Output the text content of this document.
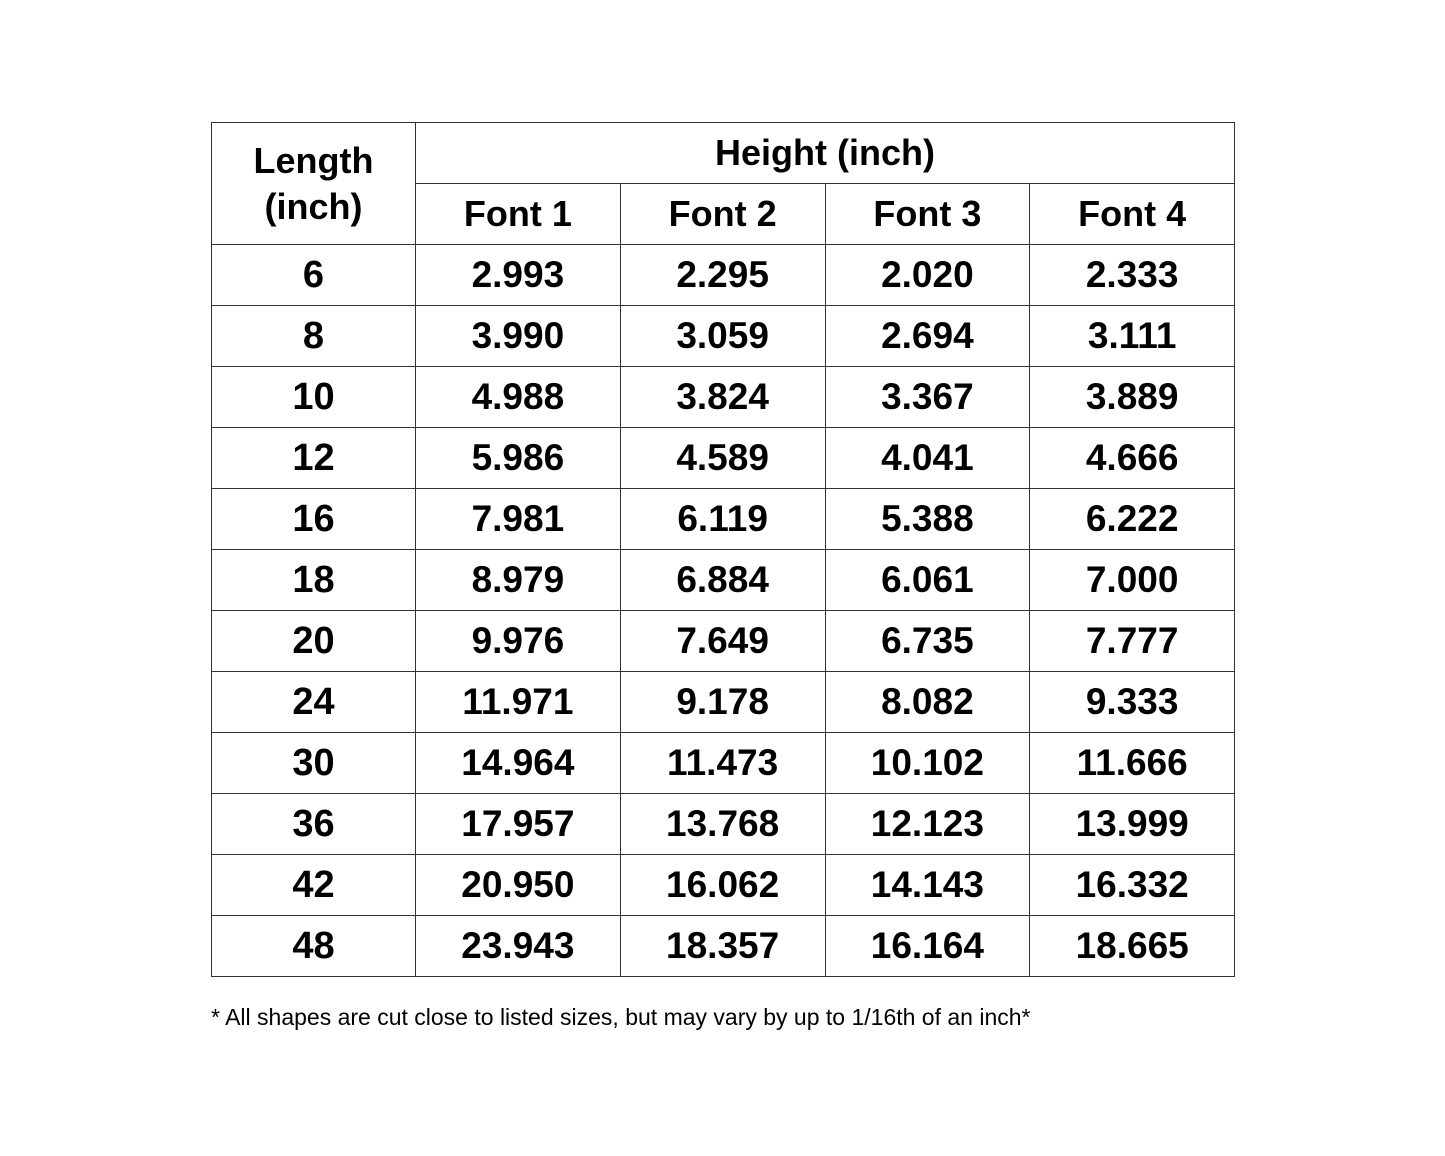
Length
(inch)	Height (inch)			
	Font 1	Font 2	Font 3	Font 4
6	2.993	2.295	2.020	2.333
8	3.990	3.059	2.694	3.111
10	4.988	3.824	3.367	3.889
12	5.986	4.589	4.041	4.666
16	7.981	6.119	5.388	6.222
18	8.979	6.884	6.061	7.000
20	9.976	7.649	6.735	7.777
24	11.971	9.178	8.082	9.333
30	14.964	11.473	10.102	11.666
36	17.957	13.768	12.123	13.999
42	20.950	16.062	14.143	16.332
48	23.943	18.357	16.164	18.665
* All shapes are cut close to listed sizes, but may vary by up to 1/16th of an inch*
